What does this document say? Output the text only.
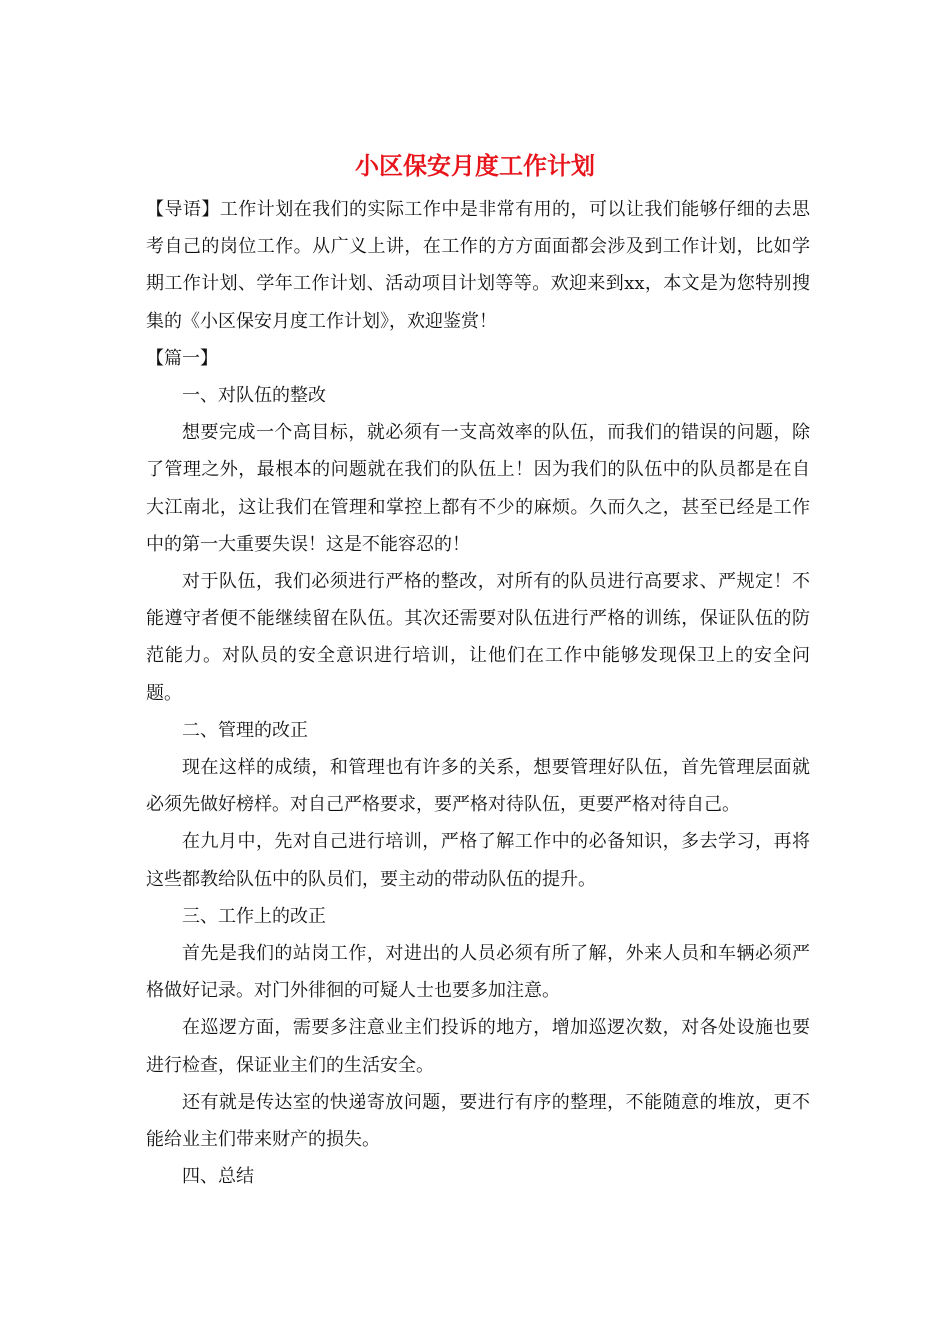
小区保安月度工作计划

【导语】工作计划在我们的实际工作中是非常有用的，可以让我们能够仔细的去思考自己的岗位工作。从广义上讲，在工作的方方面面都会涉及到工作计划，比如学期工作计划、学年工作计划、活动项目计划等等。欢迎来到xx，本文是为您特别搜集的《小区保安月度工作计划》，欢迎鉴赏！

【篇一】

一、对队伍的整改

想要完成一个高目标，就必须有一支高效率的队伍，而我们的错误的问题，除了管理之外，最根本的问题就在我们的队伍上！因为我们的队伍中的队员都是在自大江南北，这让我们在管理和掌控上都有不少的麻烦。久而久之，甚至已经是工作中的第一大重要失误！这是不能容忍的！

对于队伍，我们必须进行严格的整改，对所有的队员进行高要求、严规定！不能遵守者便不能继续留在队伍。其次还需要对队伍进行严格的训练，保证队伍的防范能力。对队员的安全意识进行培训，让他们在工作中能够发现保卫上的安全问题。

二、管理的改正

现在这样的成绩，和管理也有许多的关系，想要管理好队伍，首先管理层面就必须先做好榜样。对自己严格要求，要严格对待队伍，更要严格对待自己。

在九月中，先对自己进行培训，严格了解工作中的必备知识，多去学习，再将这些都教给队伍中的队员们，要主动的带动队伍的提升。

三、工作上的改正

首先是我们的站岗工作，对进出的人员必须有所了解，外来人员和车辆必须严格做好记录。对门外徘徊的可疑人士也要多加注意。

在巡逻方面，需要多注意业主们投诉的地方，增加巡逻次数，对各处设施也要进行检查，保证业主们的生活安全。

还有就是传达室的快递寄放问题，要进行有序的整理，不能随意的堆放，更不能给业主们带来财产的损失。

四、总结
